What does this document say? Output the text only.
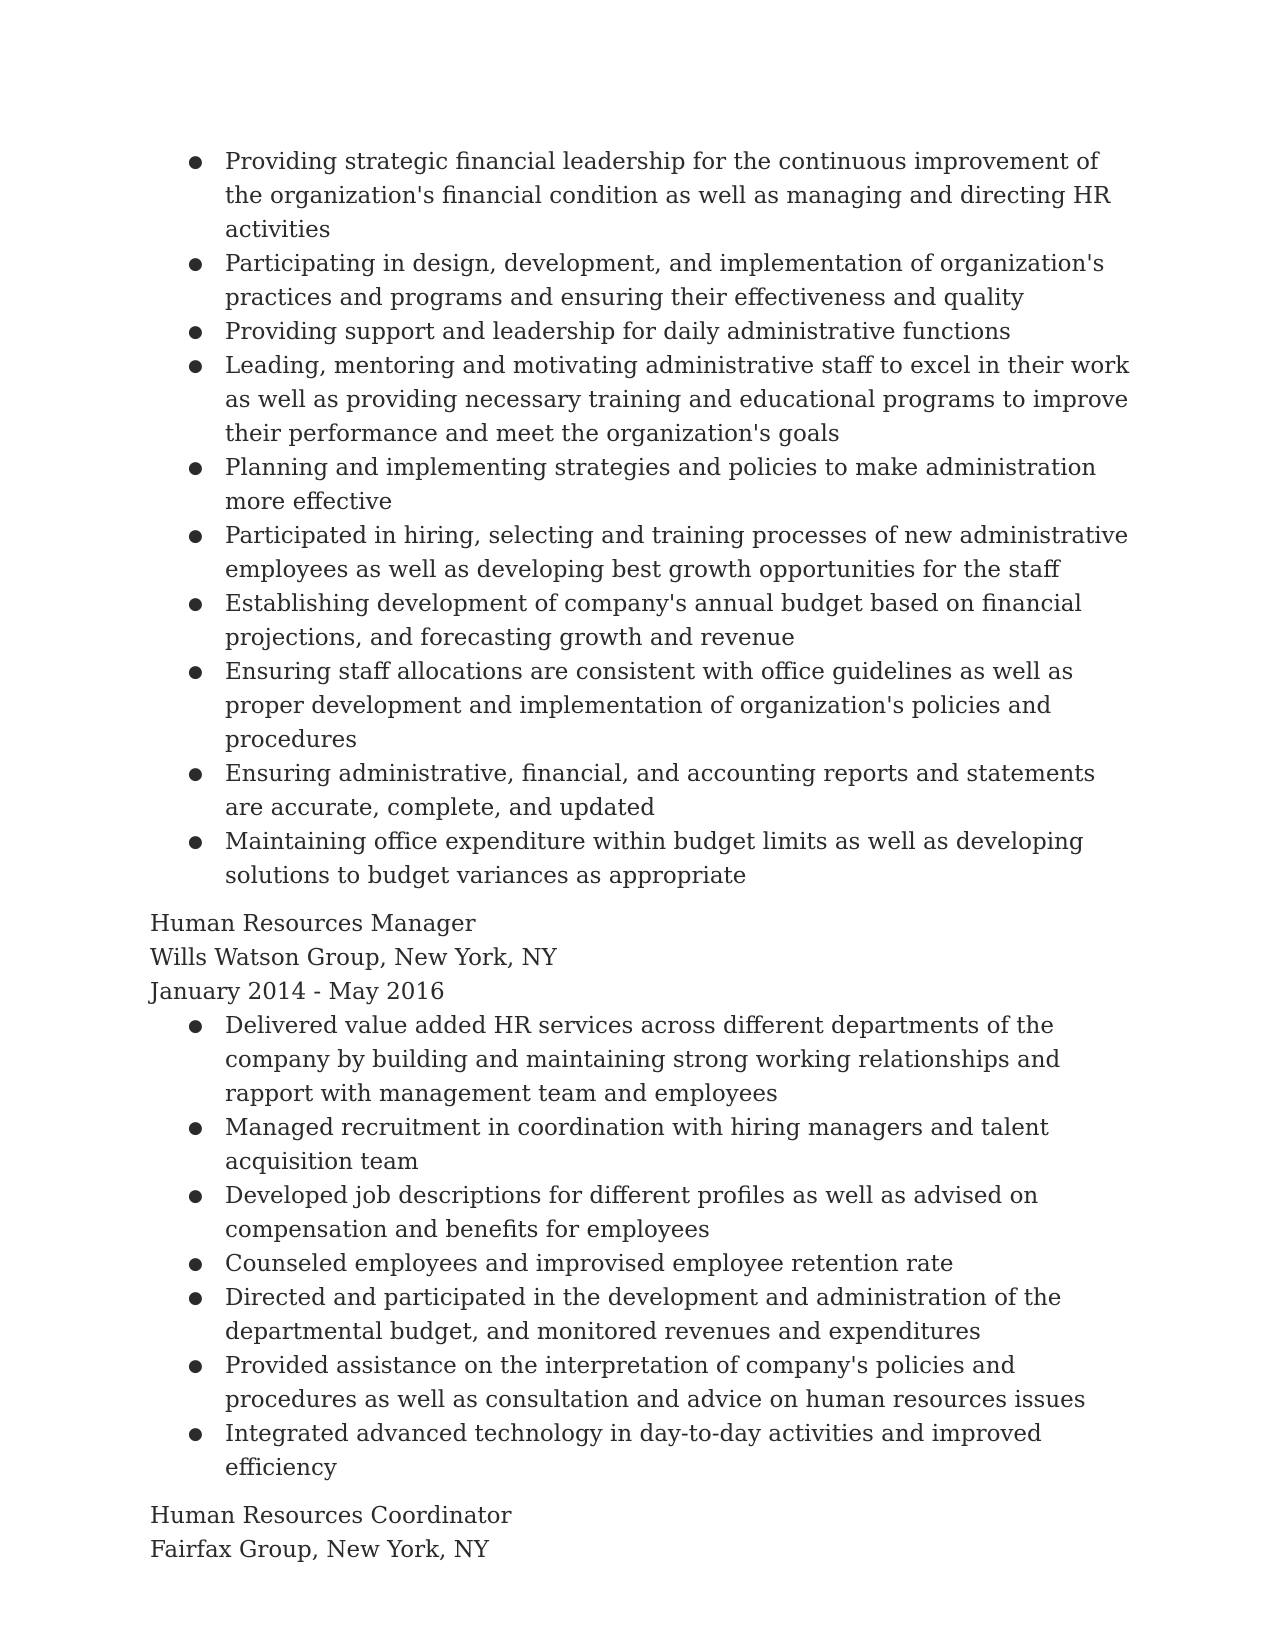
● Providing strategic financial leadership for the continuous improvement of the organization's financial condition as well as managing and directing HR activities
● Participating in design, development, and implementation of organization's practices and programs and ensuring their effectiveness and quality
● Providing support and leadership for daily administrative functions
● Leading, mentoring and motivating administrative staff to excel in their work as well as providing necessary training and educational programs to improve their performance and meet the organization's goals
● Planning and implementing strategies and policies to make administration more effective
● Participated in hiring, selecting and training processes of new administrative employees as well as developing best growth opportunities for the staff
● Establishing development of company's annual budget based on financial projections, and forecasting growth and revenue
● Ensuring staff allocations are consistent with office guidelines as well as proper development and implementation of organization's policies and procedures
● Ensuring administrative, financial, and accounting reports and statements are accurate, complete, and updated
● Maintaining office expenditure within budget limits as well as developing solutions to budget variances as appropriate
Human Resources Manager
Wills Watson Group, New York, NY
January 2014 - May 2016
● Delivered value added HR services across different departments of the company by building and maintaining strong working relationships and rapport with management team and employees
● Managed recruitment in coordination with hiring managers and talent acquisition team
● Developed job descriptions for different profiles as well as advised on compensation and benefits for employees
● Counseled employees and improvised employee retention rate
● Directed and participated in the development and administration of the departmental budget, and monitored revenues and expenditures
● Provided assistance on the interpretation of company's policies and procedures as well as consultation and advice on human resources issues
● Integrated advanced technology in day-to-day activities and improved efficiency
Human Resources Coordinator
Fairfax Group, New York, NY
